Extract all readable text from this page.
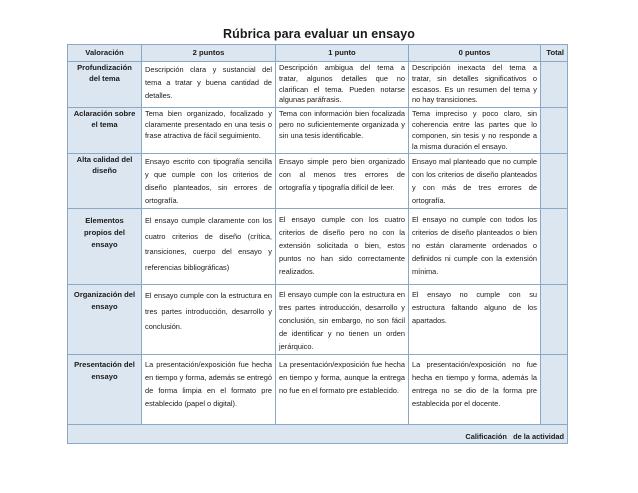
Rúbrica para evaluar un ensayo
Valoración	2 puntos	1 punto	0 puntos	Total
Profundización del tema	Descripción clara y sustancial del tema a tratar y buena cantidad de detalles.	Descripción ambigua del tema a tratar, algunos detalles que no clarifican el tema. Pueden notarse algunas paráfrasis.	Descripción inexacta del tema a tratar, sin detalles significativos o escasos. Es un resumen del tema y no hay transiciones.	
Aclaración sobre el tema	Tema bien organizado, focalizado y claramente presentado en una tesis o frase atractiva de fácil seguimiento.	Tema con información bien focalizada pero no suficientemente organizada y sin una tesis identificable.	Tema impreciso y poco claro, sin coherencia entre las partes que lo componen, sin tesis y no responde a la misma duración el ensayo.	
Alta calidad del diseño	Ensayo escrito con tipografía sencilla y que cumple con los criterios de diseño planteados, sin errores de ortografía.	Ensayo simple pero bien organizado con al menos tres errores de ortografía y tipografía difícil de leer.	Ensayo mal planteado que no cumple con los criterios de diseño planteados y con más de tres errores de ortografía.	
Elementos propios del ensayo	El ensayo cumple claramente con los cuatro criterios de diseño (crítica, transiciones, cuerpo del ensayo y referencias bibliográficas)	El ensayo cumple con los cuatro criterios de diseño pero no con la extensión solicitada o bien, estos puntos no han sido correctamente realizados.	El ensayo no cumple con todos los criterios de diseño planteados o bien no están claramente ordenados o definidos ni cumple con la extensión mínima.	
Organización del ensayo	El ensayo cumple con la estructura en tres partes introducción, desarrollo y conclusión.	El ensayo cumple con la estructura en tres partes introducción, desarrollo y conclusión, sin embargo, no son fácil de identificar y no tienen un orden jerárquico.	El ensayo no cumple con su estructura faltando alguno de los apartados.	
Presentación del ensayo	La presentación/exposición fue hecha en tiempo y forma, además se entregó de forma limpia en el formato pre establecido (papel o digital).	La presentación/exposición fue hecha en tiempo y forma, aunque la entrega no fue en el formato pre establecido.	La presentación/exposición no fue hecha en tiempo y forma, además la entrega no se dio de la forma pre establecida por el docente.	
Calificación   de la actividad				
